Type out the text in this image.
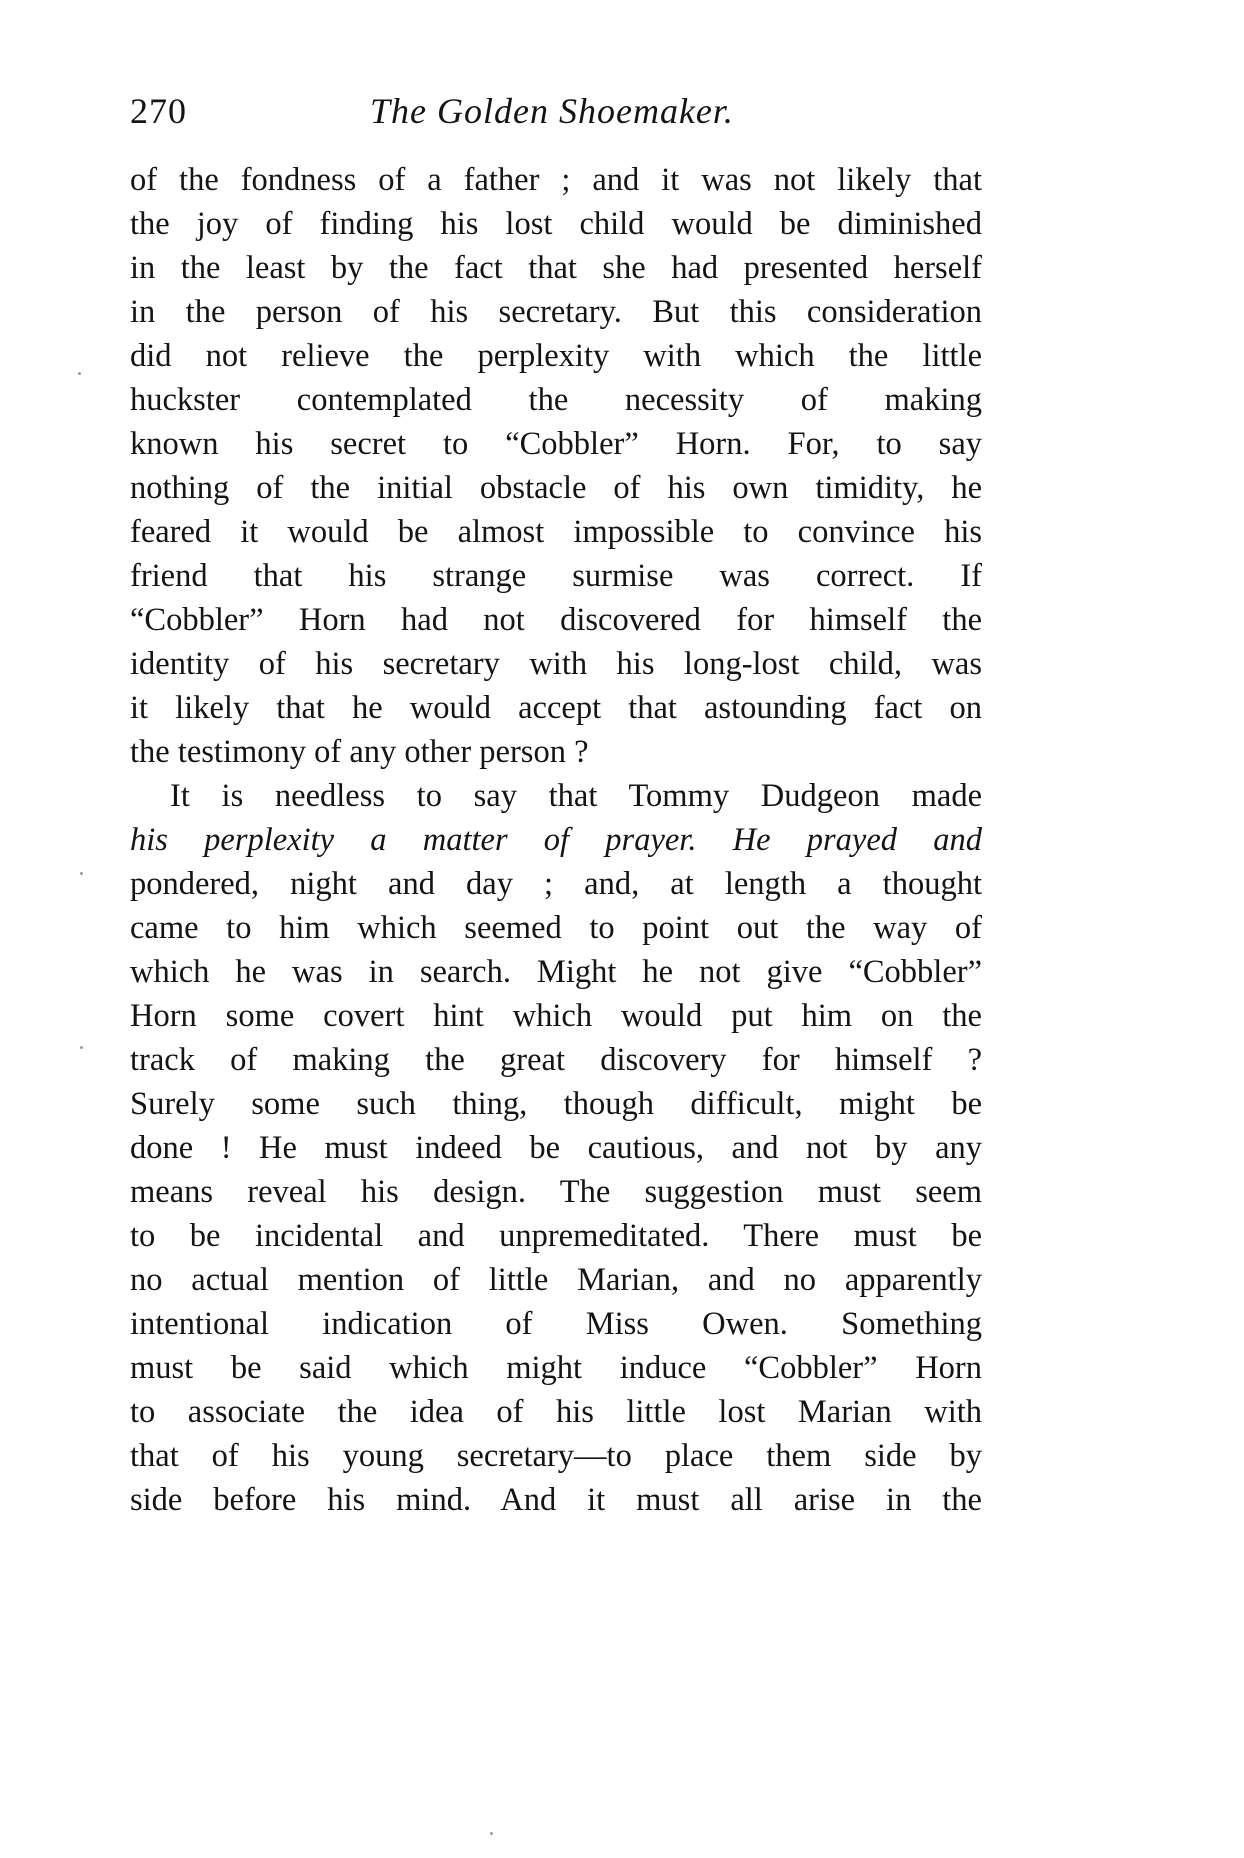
270	The Golden Shoemaker.
of the fondness of a father ; and it was not likely that
the joy of finding his lost child would be diminished
in the least by the fact that she had presented herself
in the person of his secretary. But this consideration
did not relieve the perplexity with which the little
huckster contemplated the necessity of making
known his secret to “Cobbler” Horn. For, to say
nothing of the initial obstacle of his own timidity, he
feared it would be almost impossible to convince his
friend that his strange surmise was correct. If
“Cobbler” Horn had not discovered for himself the
identity of his secretary with his long-lost child, was
it likely that he would accept that astounding fact on
the testimony of any other person ?
It is needless to say that Tommy Dudgeon made
his perplexity a matter of prayer. He prayed and
pondered, night and day ; and, at length a thought
came to him which seemed to point out the way of
which he was in search. Might he not give “Cobbler”
Horn some covert hint which would put him on the
track of making the great discovery for himself ?
Surely some such thing, though difficult, might be
done ! He must indeed be cautious, and not by any
means reveal his design. The suggestion must seem
to be incidental and unpremeditated. There must be
no actual mention of little Marian, and no apparently
intentional indication of Miss Owen. Something
must be said which might induce “Cobbler” Horn
to associate the idea of his little lost Marian with
that of his young secretary—to place them side by
side before his mind. And it must all arise in the
